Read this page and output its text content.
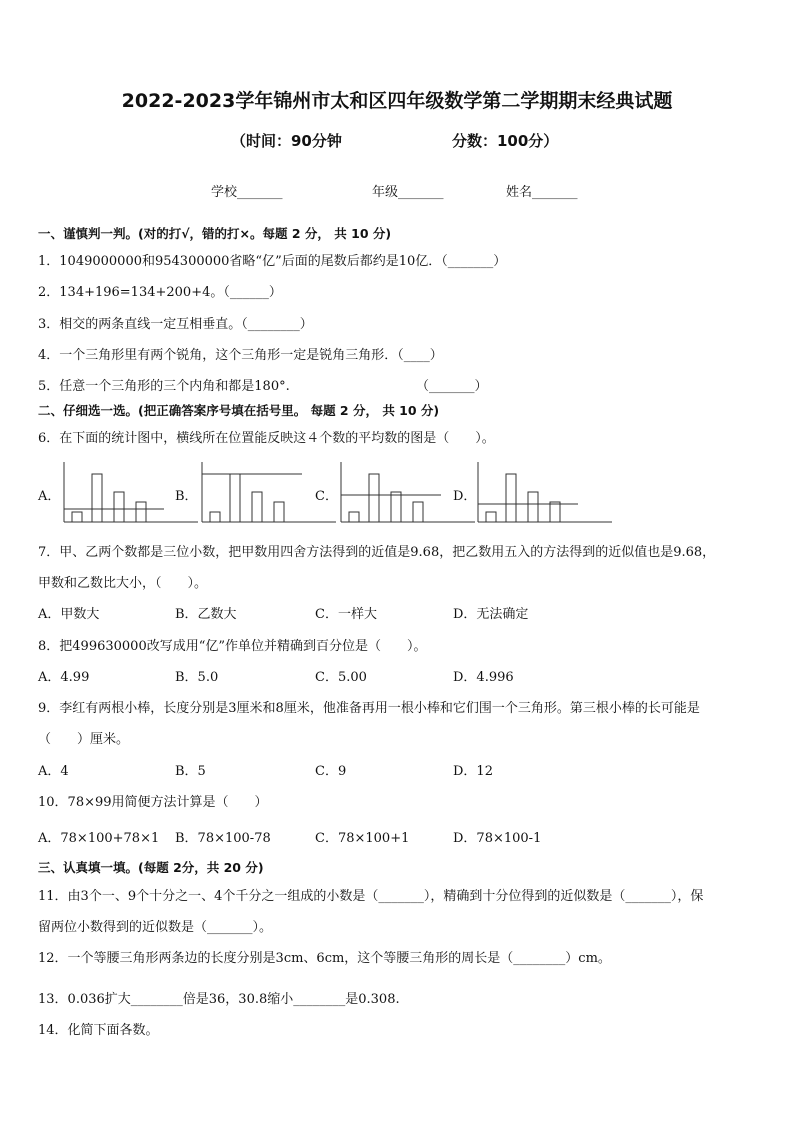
2022-2023学年锦州市太和区四年级数学第二学期期末经典试题
（时间：90分钟	分数：100分）
学校_______	年级_______	姓名_______
一、谨慎判一判。(对的打√，错的打×。每题 2 分， 共 10 分)
1．1049000000和954300000省略“亿”后面的尾数后都约是10亿．（_______）
2．134+196=134+200+4。（______）
3．相交的两条直线一定互相垂直。（________）
4．一个三角形里有两个锐角，这个三角形一定是锐角三角形．（____）
5．任意一个三角形的三个内角和都是180°.	（_______）
二、仔细选一选。(把正确答案序号填在括号里。 每题 2 分， 共 10 分)
6．在下面的统计图中，横线所在位置能反映这４个数的平均数的图是（　　）。
A．	B．	C．	D．
7．甲、乙两个数都是三位小数，把甲数用四舍方法得到的近值是9.68，把乙数用五入的方法得到的近似值也是9.68，
甲数和乙数比大小，（　　）。
A．甲数大	B．乙数大	C．一样大	D．无法确定
8．把499630000改写成用“亿”作单位并精确到百分位是（　　）。
A．4.99	B．5.0	C．5.00	D．4.996
9．李红有两根小棒，长度分别是3厘米和8厘米，他准备再用一根小棒和它们围一个三角形。第三根小棒的长可能是
（　　）厘米。
A．4	B．5	C．9	D．12
10．78×99用简便方法计算是（　　）
A．78×100+78×1 B．78×100-78	C．78×100+1	D．78×100-1
三、认真填一填。(每题 2分，共 20 分)
11．由3个一、9个十分之一、4个千分之一组成的小数是（_______），精确到十分位得到的近似数是（_______），保
留两位小数得到的近似数是（_______）。
12．一个等腰三角形两条边的长度分别是3cm、6cm，这个等腰三角形的周长是（________）cm。
13．0.036扩大________倍是36，30.8缩小________是0.308.
14．化简下面各数。
